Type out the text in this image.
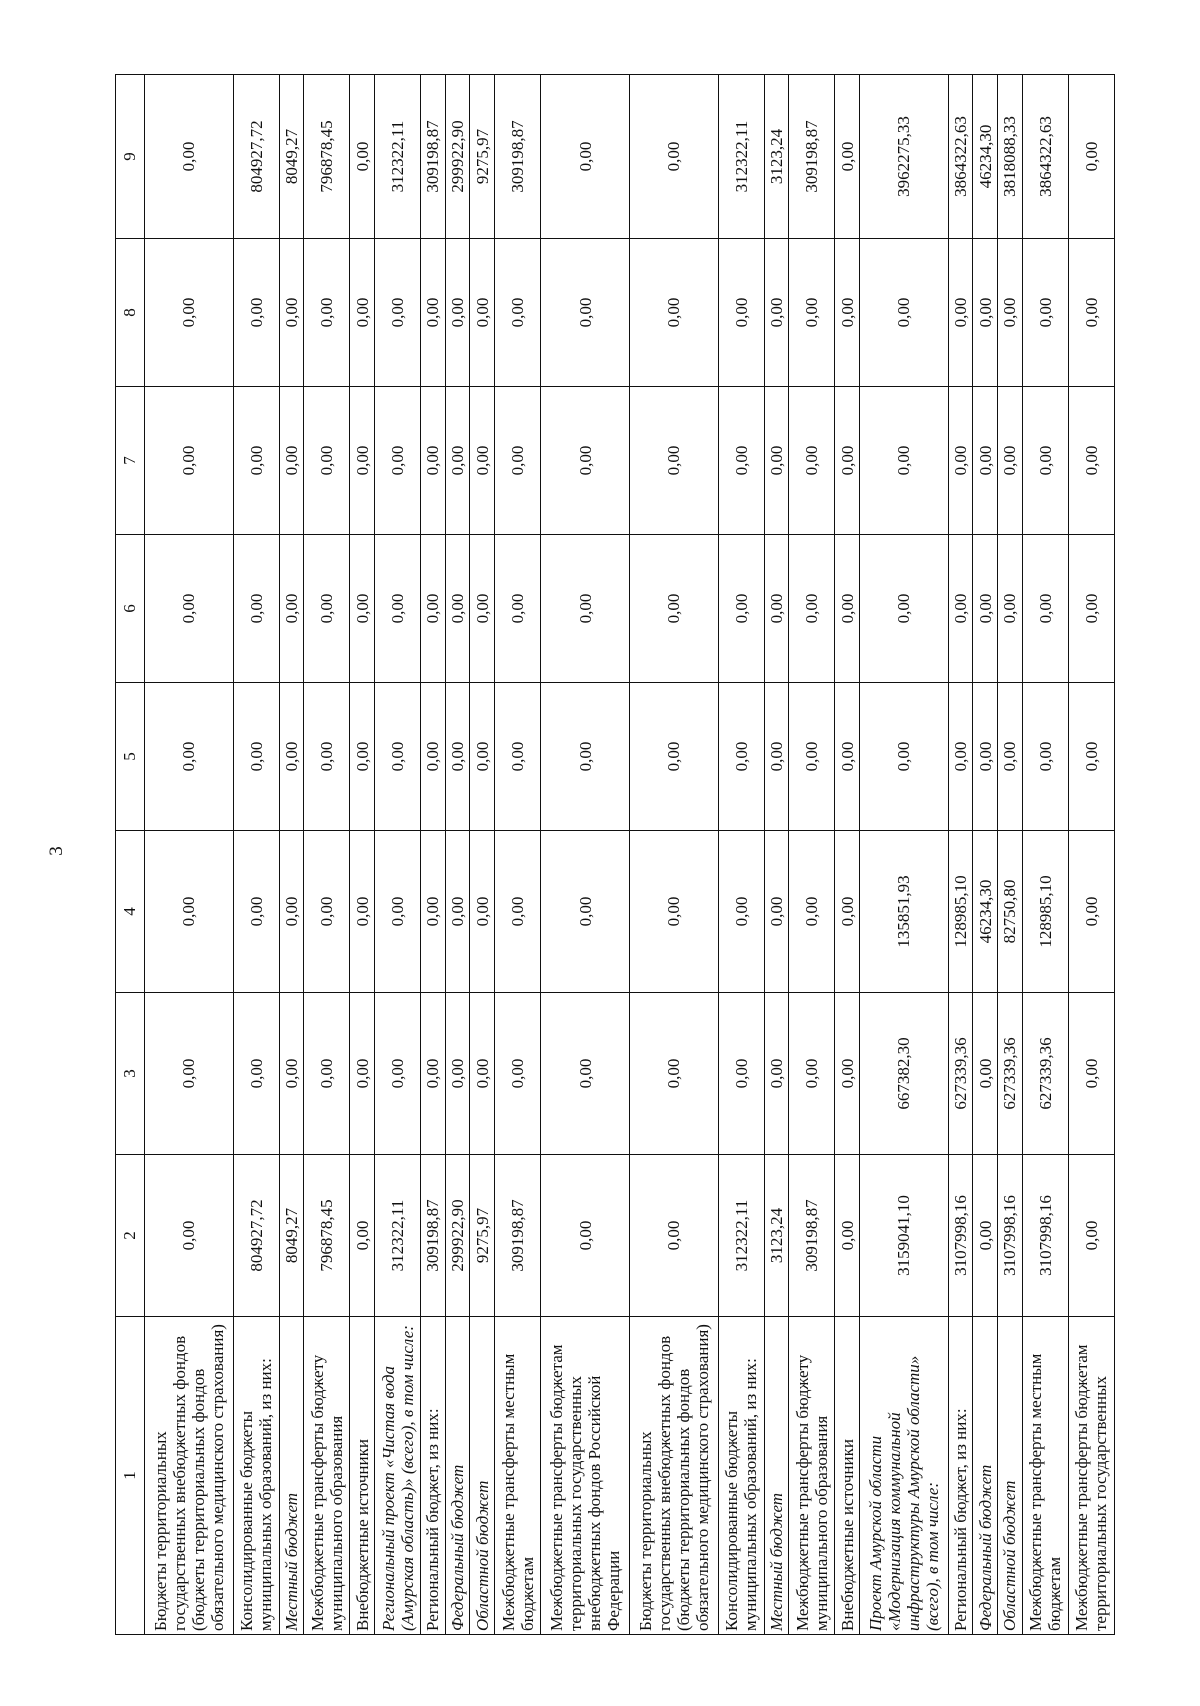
3
1	2	3	4	5	6	7	8	9
Бюджеты территориальных государственных внебюджетных фондов (бюджеты территориальных фондов обязательного медицинского страхования)	0,00	0,00	0,00	0,00	0,00	0,00	0,00	0,00
Консолидированные бюджеты муниципальных образований, из них:	804927,72	0,00	0,00	0,00	0,00	0,00	0,00	804927,72
Местный бюджет	8049,27	0,00	0,00	0,00	0,00	0,00	0,00	8049,27
Межбюджетные трансферты бюджету муниципального образования	796878,45	0,00	0,00	0,00	0,00	0,00	0,00	796878,45
Внебюджетные источники	0,00	0,00	0,00	0,00	0,00	0,00	0,00	0,00
Региональный проект «Чистая вода (Амурская область)» (всего), в том числе:	312322,11	0,00	0,00	0,00	0,00	0,00	0,00	312322,11
Региональный бюджет, из них:	309198,87	0,00	0,00	0,00	0,00	0,00	0,00	309198,87
Федеральный бюджет	299922,90	0,00	0,00	0,00	0,00	0,00	0,00	299922,90
Областной бюджет	9275,97	0,00	0,00	0,00	0,00	0,00	0,00	9275,97
Межбюджетные трансферты местным бюджетам	309198,87	0,00	0,00	0,00	0,00	0,00	0,00	309198,87
Межбюджетные трансферты бюджетам территориальных государственных внебюджетных фондов Российской Федерации	0,00	0,00	0,00	0,00	0,00	0,00	0,00	0,00
Бюджеты территориальных государственных внебюджетных фондов (бюджеты территориальных фондов обязательного медицинского страхования)	0,00	0,00	0,00	0,00	0,00	0,00	0,00	0,00
Консолидированные бюджеты муниципальных образований, из них:	312322,11	0,00	0,00	0,00	0,00	0,00	0,00	312322,11
Местный бюджет	3123,24	0,00	0,00	0,00	0,00	0,00	0,00	3123,24
Межбюджетные трансферты бюджету муниципального образования	309198,87	0,00	0,00	0,00	0,00	0,00	0,00	309198,87
Внебюджетные источники	0,00	0,00	0,00	0,00	0,00	0,00	0,00	0,00
Проект Амурской области «Модернизация коммунальной инфраструктуры Амурской области» (всего), в том числе:	3159041,10	667382,30	135851,93	0,00	0,00	0,00	0,00	3962275,33
Региональный бюджет, из них:	3107998,16	627339,36	128985,10	0,00	0,00	0,00	0,00	3864322,63
Федеральный бюджет	0,00	0,00	46234,30	0,00	0,00	0,00	0,00	46234,30
Областной бюджет	3107998,16	627339,36	82750,80	0,00	0,00	0,00	0,00	3818088,33
Межбюджетные трансферты местным бюджетам	3107998,16	627339,36	128985,10	0,00	0,00	0,00	0,00	3864322,63
Межбюджетные трансферты бюджетам территориальных государственных	0,00	0,00	0,00	0,00	0,00	0,00	0,00	0,00
